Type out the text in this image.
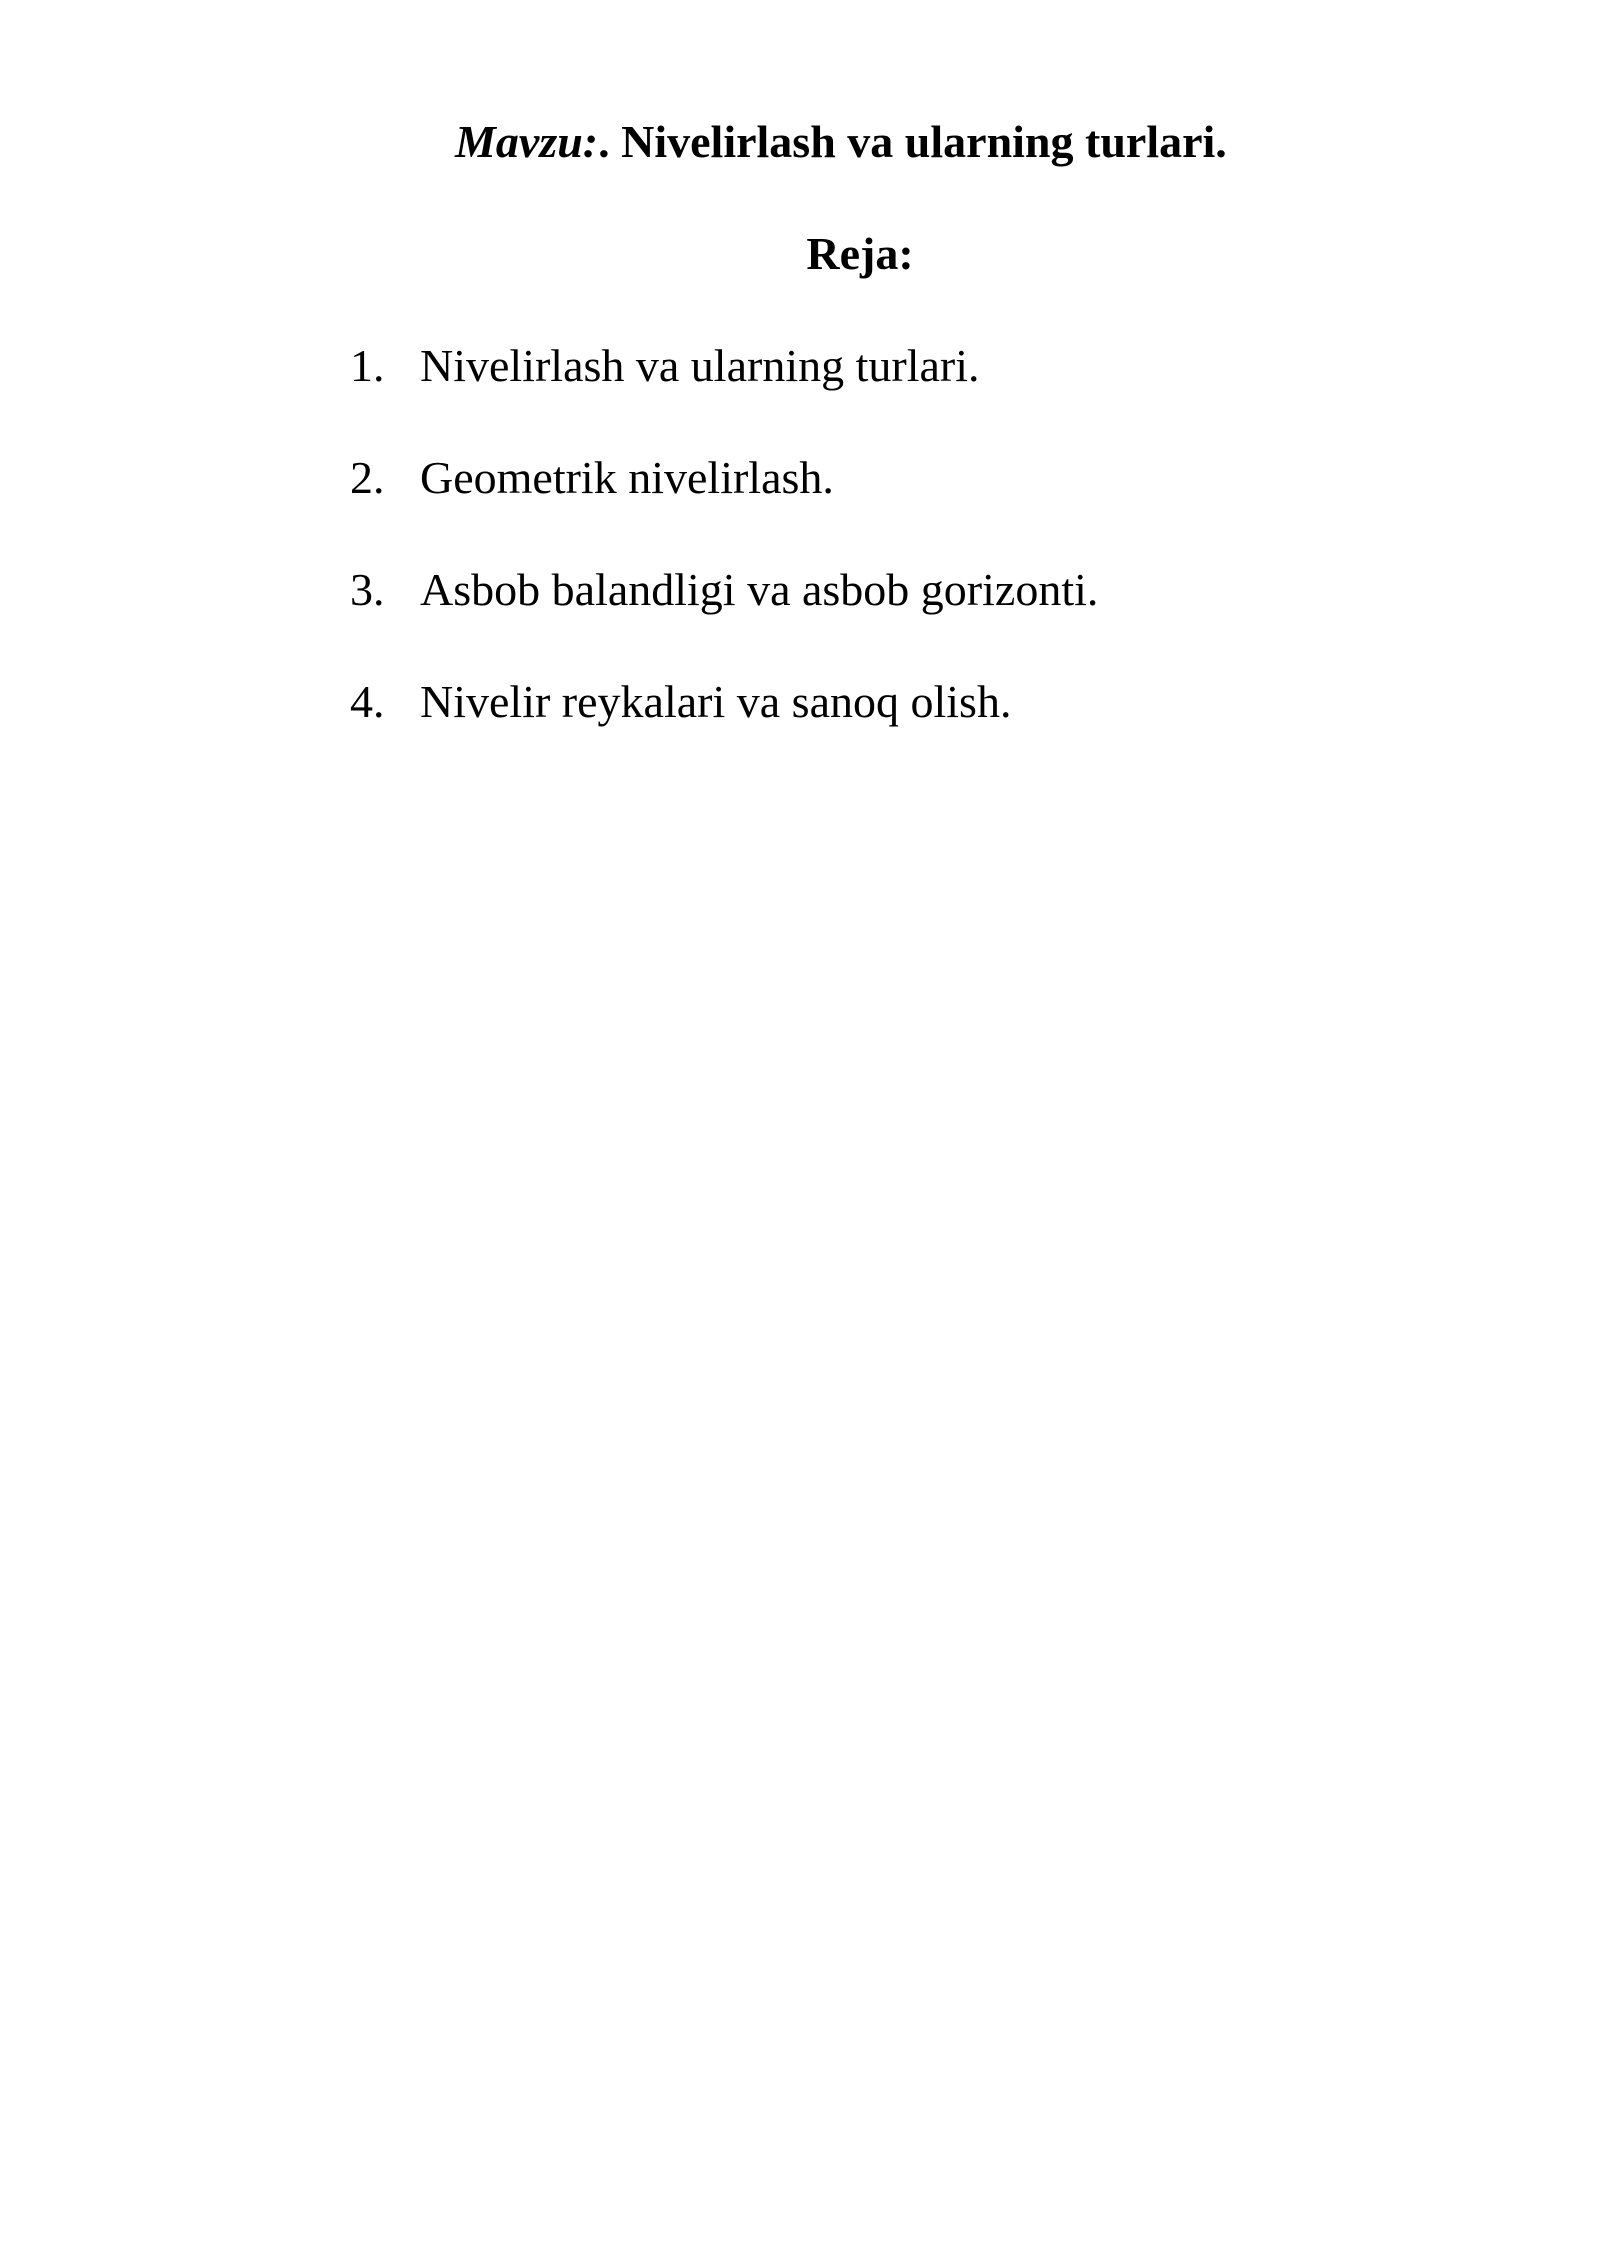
Mavzu:. Nivelirlash va ularning turlari.
Reja:
1. Nivelirlash va ularning turlari.
2. Geometrik nivelirlash.
3. Asbob balandligi va asbob gorizonti.
4. Nivelir reykalari va sanoq olish.
